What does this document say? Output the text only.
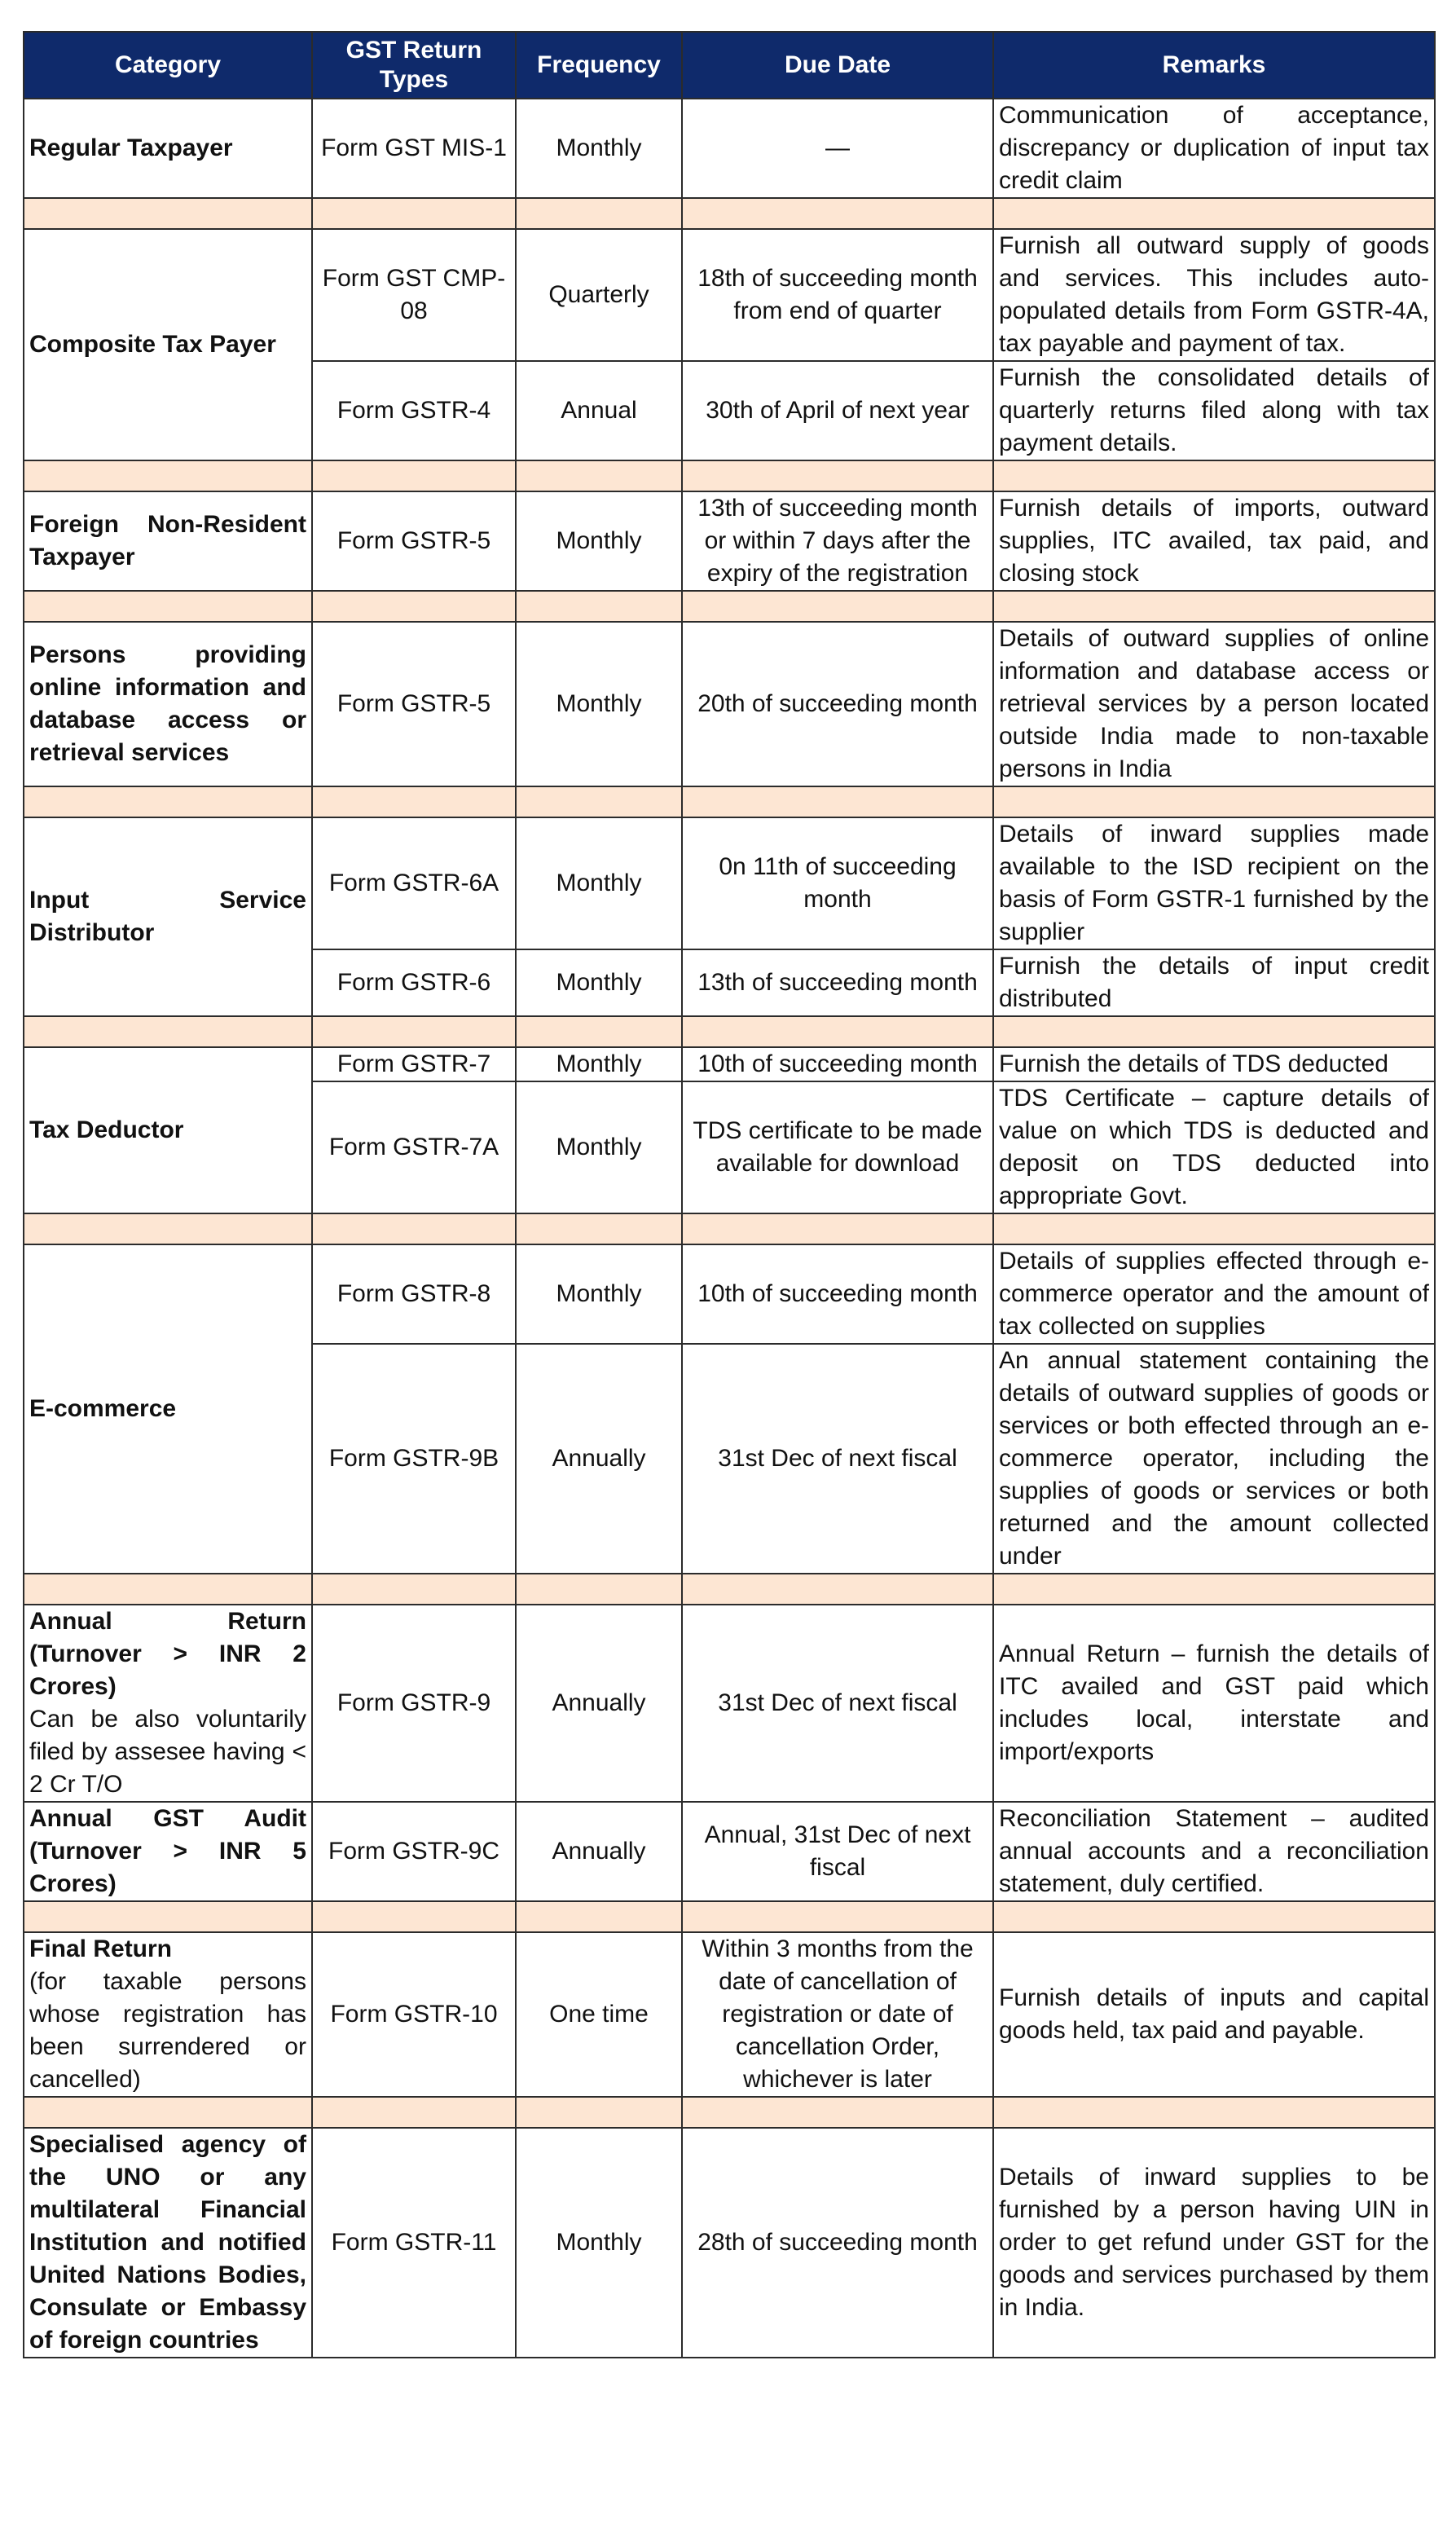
Category	GST Return Types	Frequency	Due Date	Remarks
Regular Taxpayer	Form GST MIS-1	Monthly	—	Communication of acceptance, discrepancy or duplication of input tax credit claim

Composite Tax Payer	Form GST CMP-08	Quarterly	18th of succeeding month from end of quarter	Furnish all outward supply of goods and services. This includes auto-populated details from Form GSTR-4A, tax payable and payment of tax.
	Form GSTR-4	Annual	30th of April of next year	Furnish the consolidated details of quarterly returns filed along with tax payment details.

Foreign Non-Resident Taxpayer	Form GSTR-5	Monthly	13th of succeeding month or within 7 days after the expiry of the registration	Furnish details of imports, outward supplies, ITC availed, tax paid, and closing stock

Persons providing online information and database access or retrieval services	Form GSTR-5	Monthly	20th of succeeding month	Details of outward supplies of online information and database access or retrieval services by a person located outside India made to non-taxable persons in India

Input Service Distributor	Form GSTR-6A	Monthly	0n 11th of succeeding month	Details of inward supplies made available to the ISD recipient on the basis of Form GSTR-1 furnished by the supplier
	Form GSTR-6	Monthly	13th of succeeding month	Furnish the details of input credit distributed

Tax Deductor	Form GSTR-7	Monthly	10th of succeeding month	Furnish the details of TDS deducted
	Form GSTR-7A	Monthly	TDS certificate to be made available for download	TDS Certificate – capture details of value on which TDS is deducted and deposit on TDS deducted into appropriate Govt.

E-commerce	Form GSTR-8	Monthly	10th of succeeding month	Details of supplies effected through e-commerce operator and the amount of tax collected on supplies
	Form GSTR-9B	Annually	31st Dec of next fiscal	An annual statement containing the details of outward supplies of goods or services or both effected through an e-commerce operator, including the supplies of goods or services or both returned and the amount collected under

Annual Return (Turnover > INR 2 Crores)
Can be also voluntarily filed by assesee having < 2 Cr T/O	Form GSTR-9	Annually	31st Dec of next fiscal	Annual Return – furnish the details of ITC availed and GST paid which includes local, interstate and import/exports
Annual GST Audit (Turnover > INR 5 Crores)	Form GSTR-9C	Annually	Annual, 31st Dec of next fiscal	Reconciliation Statement – audited annual accounts and a reconciliation statement, duly certified.

Final Return
(for taxable persons whose registration has been surrendered or cancelled)	Form GSTR-10	One time	Within 3 months from the date of cancellation of registration or date of cancellation Order, whichever is later	Furnish details of inputs and capital goods held, tax paid and payable.

Specialised agency of the UNO or any multilateral Financial Institution and notified United Nations Bodies, Consulate or Embassy of foreign countries	Form GSTR-11	Monthly	28th of succeeding month	Details of inward supplies to be furnished by a person having UIN in order to get refund under GST for the goods and services purchased by them in India.
